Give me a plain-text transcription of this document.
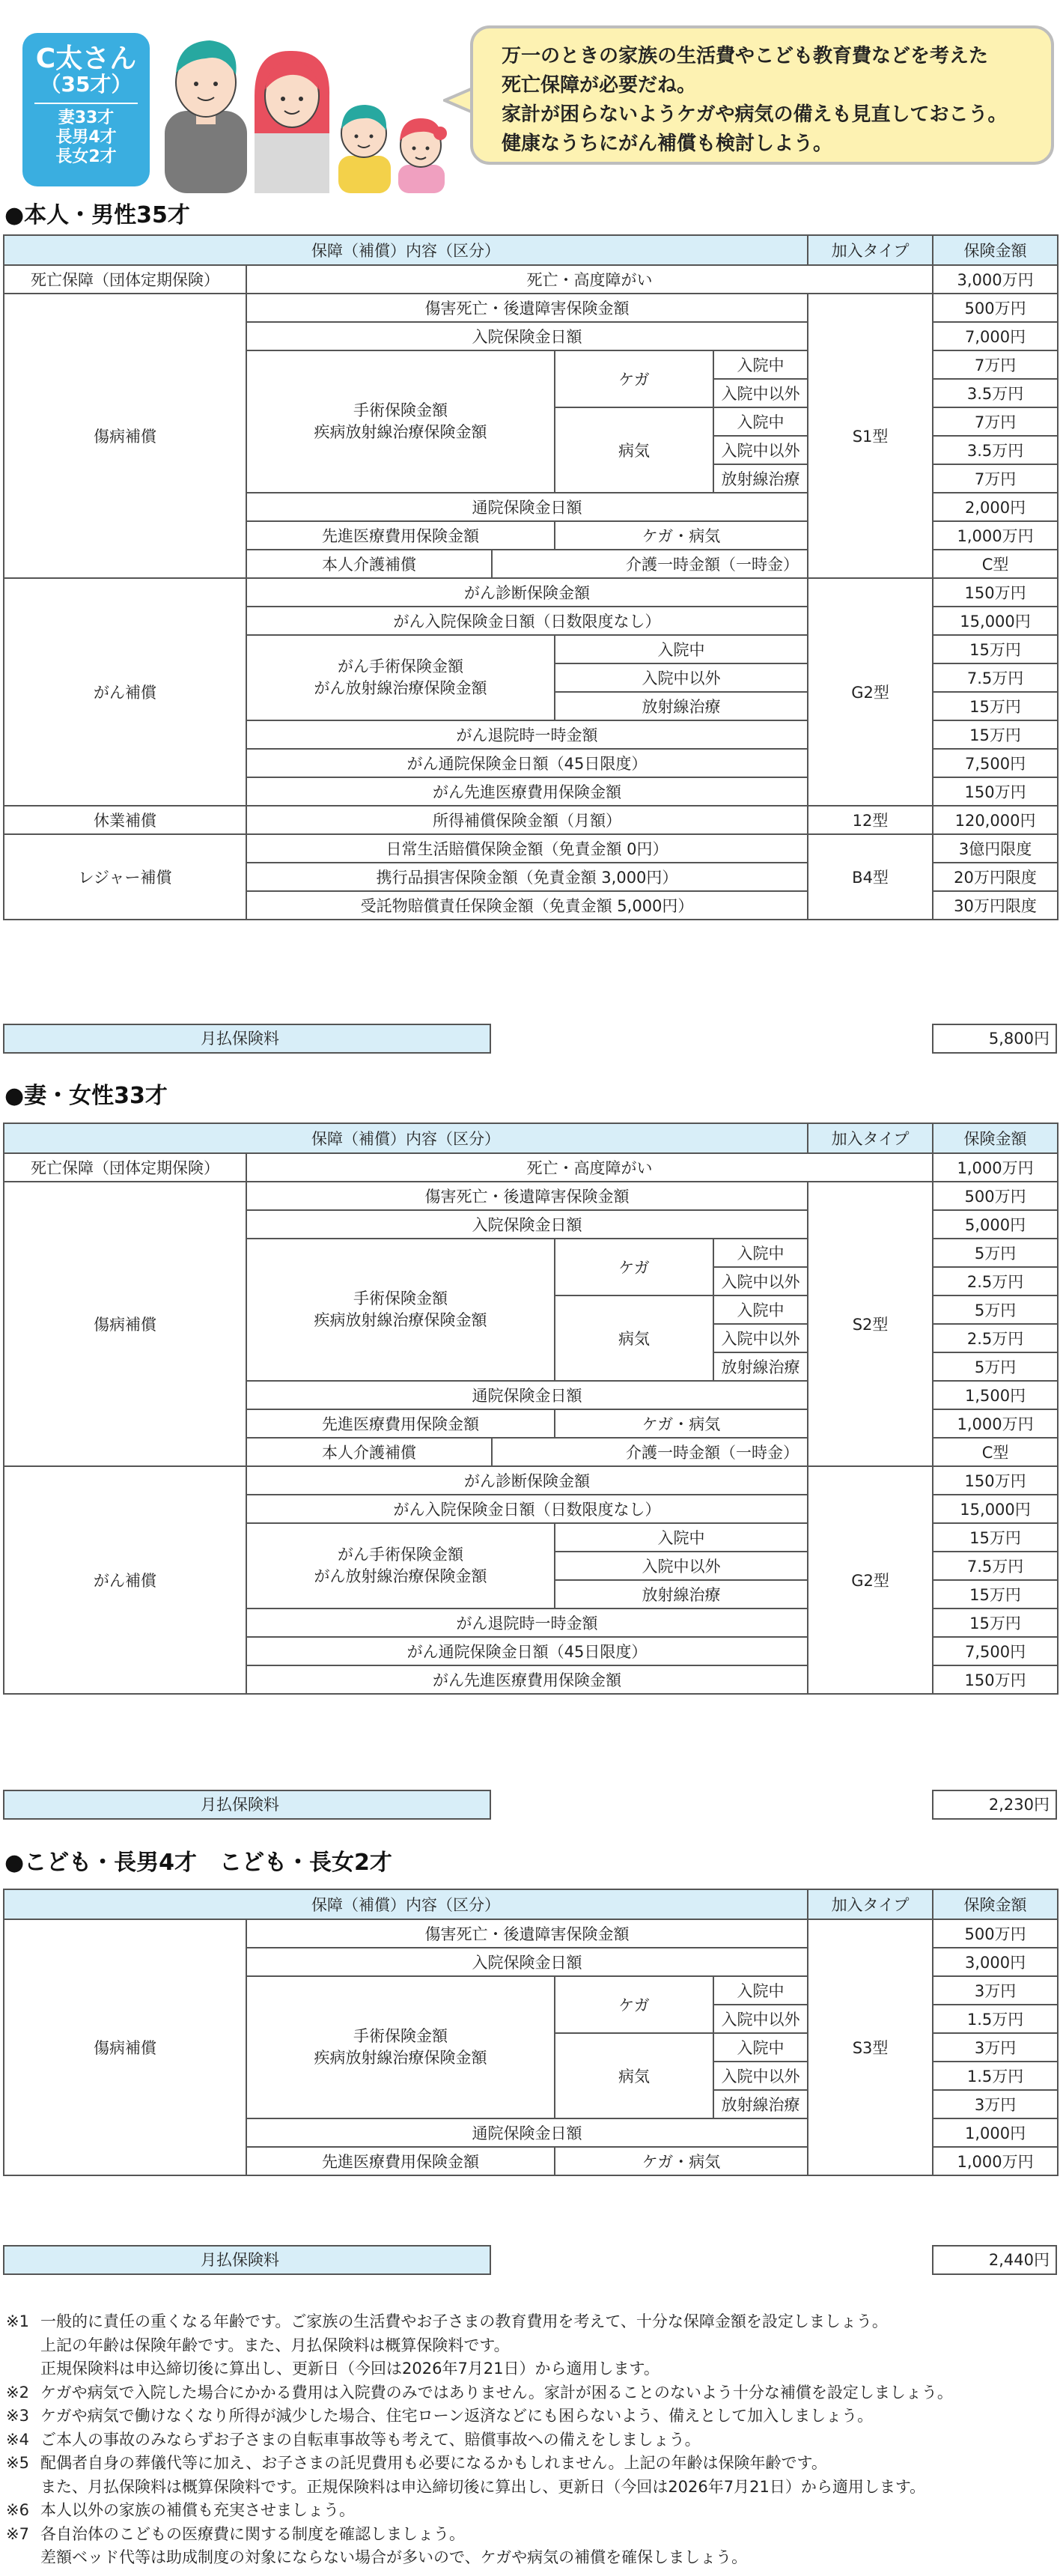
C太さん
（35才）
妻33才
長男4才
長女2才

万一のときの家族の生活費やこども教育費などを考えた

死亡保障が必要だね。

家計が困らないようケガや病気の備えも見直しておこう。

健康なうちにがん補償も検討しよう。

●本人・男性35才
保障（補償）内容（区分）					加入タイプ	保険金額	
死亡保障（団体定期保険）	死亡・高度障がい					3,000万円	

傷病補償	傷害死亡・後遺障害保険金額				S1型	500万円	

	入院保険金日額					7,000円	
	手術保険金額
疾病放射線治療保険金額		ケガ	入院中		7万円	
				入院中以外		3.5万円	
			病気	入院中		7万円	
				入院中以外		3.5万円	
				放射線治療		7万円	
	通院保険金日額					2,000円	
	先進医療費用保険金額		ケガ・病気			1,000万円	
	本人介護補償	介護一時金額（一時金）				C型		
がん補償	がん診断保険金額				G2型	150万円	

	がん入院保険金日額（日数限度なし）					15,000円	
	がん手術保険金額
がん放射線治療保険金額		入院中			15万円	
			入院中以外			7.5万円	
			放射線治療			15万円	
	がん退院時一時金額					15万円	
	がん通院保険金日額（45日限度）					7,500円	
	がん先進医療費用保険金額					150万円	
休業補償	所得補償保険金額（月額）				12型	120,000円	

レジャー補償	日常生活賠償保険金額（免責金額 0円）				B4型	3億円限度	

	携行品損害保険金額（免責金額 3,000円）					20万円限度	
	受託物賠償責任保険金額（免責金額 5,000円）					30万円限度	
月払保険料	5,800円
●妻・女性33才
保障（補償）内容（区分）					加入タイプ	保険金額	
死亡保障（団体定期保険）	死亡・高度障がい					1,000万円	

傷病補償	傷害死亡・後遺障害保険金額				S2型	500万円	

	入院保険金日額					5,000円	
	手術保険金額
疾病放射線治療保険金額		ケガ	入院中		5万円	
				入院中以外		2.5万円	
			病気	入院中		5万円	
				入院中以外		2.5万円	
				放射線治療		5万円	
	通院保険金日額					1,500円	
	先進医療費用保険金額		ケガ・病気			1,000万円	
	本人介護補償	介護一時金額（一時金）				C型		
がん補償	がん診断保険金額				G2型	150万円	

	がん入院保険金日額（日数限度なし）					15,000円	
	がん手術保険金額
がん放射線治療保険金額		入院中			15万円	
			入院中以外			7.5万円	
			放射線治療			15万円	
	がん退院時一時金額					15万円	
	がん通院保険金日額（45日限度）					7,500円	
	がん先進医療費用保険金額					150万円	
月払保険料	2,230円
●こども・長男4才　こども・長女2才
保障（補償）内容（区分）				加入タイプ	保険金額	
傷病補償	傷害死亡・後遺障害保険金額			S3型	500万円	

	入院保険金日額				3,000円	
	手術保険金額
疾病放射線治療保険金額	ケガ	入院中		3万円	
			入院中以外		1.5万円	
		病気	入院中		3万円	
			入院中以外		1.5万円	
			放射線治療		3万円	
	通院保険金日額				1,000円	
	先進医療費用保険金額	ケガ・病気			1,000万円	
月払保険料	2,440円
※1 一般的に責任の重くなる年齢です。ご家族の生活費やお子さまの教育費用を考えて、十分な保障金額を設定しましょう。
上記の年齢は保険年齢です。また、月払保険料は概算保険料です。
正規保険料は申込締切後に算出し、更新日（今回は2026年7月21日）から適用します。
※2 ケガや病気で入院した場合にかかる費用は入院費のみではありません。家計が困ることのないよう十分な補償を設定しましょう。
※3 ケガや病気で働けなくなり所得が減少した場合、住宅ローン返済などにも困らないよう、備えとして加入しましょう。
※4 ご本人の事故のみならずお子さまの自転車事故等も考えて、賠償事故への備えをしましょう。
※5 配偶者自身の葬儀代等に加え、お子さまの託児費用も必要になるかもしれません。上記の年齢は保険年齢です。
また、月払保険料は概算保険料です。正規保険料は申込締切後に算出し、更新日（今回は2026年7月21日）から適用します。
※6 本人以外の家族の補償も充実させましょう。
※7 各自治体のこどもの医療費に関する制度を確認しましょう。
差額ベッド代等は助成制度の対象にならない場合が多いので、ケガや病気の補償を確保しましょう。
